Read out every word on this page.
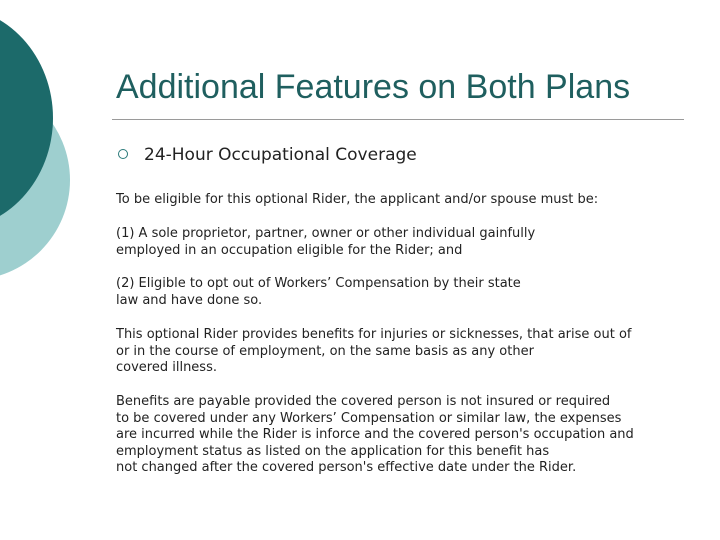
Additional Features on Both Plans
24-Hour Occupational Coverage
To be eligible for this optional Rider, the applicant and/or spouse must be:
(1) A sole proprietor, partner, owner or other individual gainfully
employed in an occupation eligible for the Rider; and
(2) Eligible to opt out of Workers’ Compensation by their state
law and have done so.
This optional Rider provides benefits for injuries or sicknesses, that arise out of
or in the course of employment, on the same basis as any other
covered illness.
Benefits are payable provided the covered person is not insured or required
to be covered under any Workers’ Compensation or similar law, the expenses
are incurred while the Rider is inforce and the covered person's occupation and
employment status as listed on the application for this benefit has
not changed after the covered person's effective date under the Rider.
